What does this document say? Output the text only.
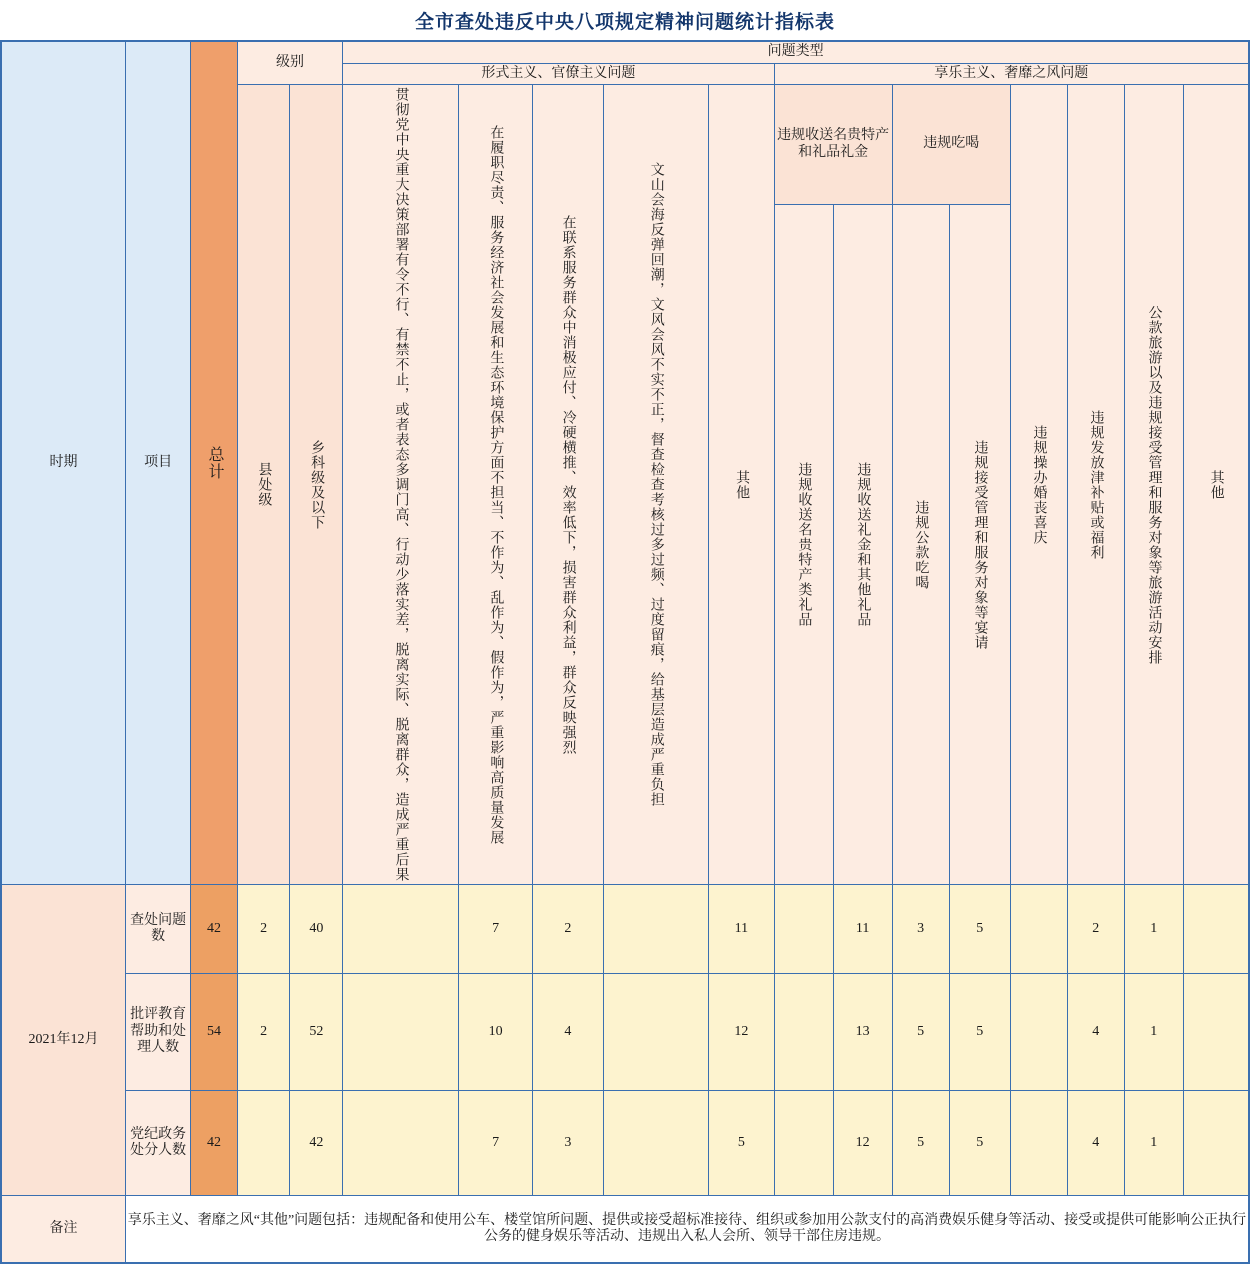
全市查处违反中央八项规定精神问题统计指标表
时期	项目	总计	级别		问题类型												
					形式主义、官僚主义问题					享乐主义、奢靡之风问题							

			县处级	乡科级及以下	贯彻党中央重大决策部署有令不行、有禁不止，或者表态多调门高、行动少落实差，脱离实际、脱离群众，造成严重后果	在履职尽责、服务经济社会发展和生态环境保护方面不担当、不作为、乱作为、假作为，严重影响高质量发展	在联系服务群众中消极应付、冷硬横推、效率低下，损害群众利益，群众反映强烈	文山会海反弹回潮，文风会风不实不正，督查检查考核过多过频、过度留痕，给基层造成严重负担	其他	违规收送名贵特产和礼品礼金		违规吃喝		违规操办婚丧喜庆	违规发放津补贴或福利	公款旅游以及违规接受管理和服务对象等旅游活动安排	其他

										违规收送名贵特产类礼品	违规收送礼金和其他礼品	违规公款吃喝	违规接受管理和服务对象等宴请				

2021年12月	查处问题数	42	2	40		7	2		11		11	3	5		2	1	
	批评教育帮助和处理人数	54	2	52		10	4		12		13	5	5		4	1	
	党纪政务处分人数	42		42		7	3		5		12	5	5		4	1	
备注	享乐主义、奢靡之风“其他”问题包括：违规配备和使用公车、楼堂馆所问题、提供或接受超标准接待、组织或参加用公款支付的高消费娱乐健身等活动、接受或提供可能影响公正执行公务的健身娱乐等活动、违规出入私人会所、领导干部住房违规。																
